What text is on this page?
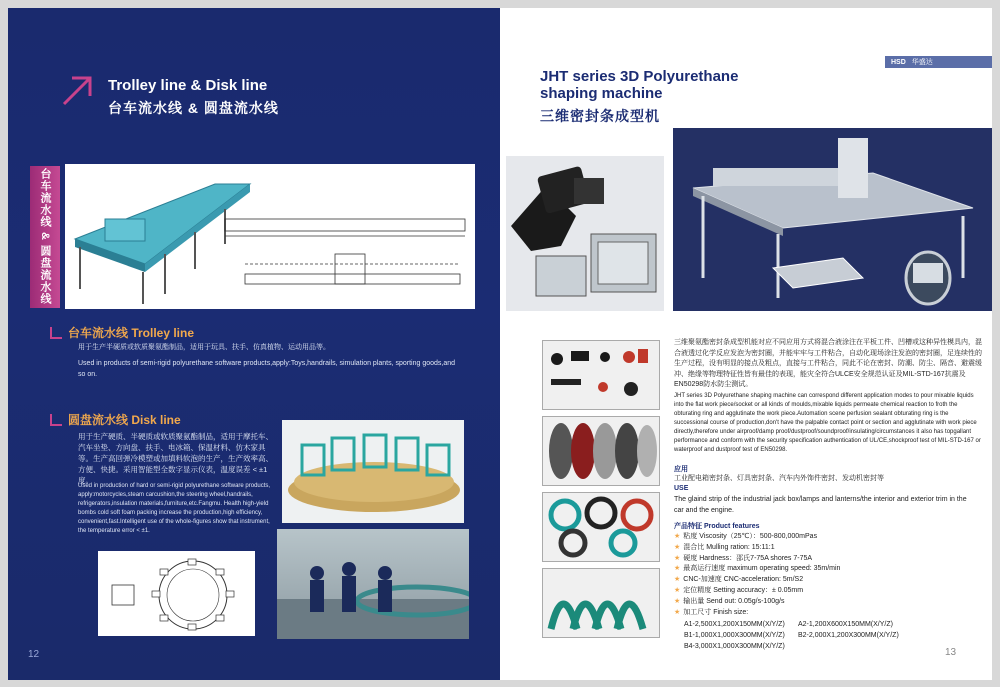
Trolley line & Disk line
台车流水线 & 圆盘流水线
台车流水线 & 圆盘流水线
台车流水线 Trolley line
用于生产半硬质或软质聚氨酯制品，适用于玩具、扶手、仿真植物、运动用品等。
Used in products of semi-rigid polyurethane software products,apply:Toys,handrails, simulation plants, sporting goods,and so on.
圆盘流水线 Disk line
用于生产硬质、半硬质或软质聚氨酯制品，适用于摩托车、汽车坐垫、方向盘、扶手、电冰箱、保温材料、仿木家具等。生产高回弹冷模塑或加填料软泡的生产，生产效率高、方便、快捷。采用智能型全数字显示仪表，温度误差 < ±1度。
Used in production of hard or semi-rigid polyurethane software products, apply:motorcycles,steam carcushion,the steering wheel,handrails, refrigerators,insulation materials,furniture,etc.Fangmu. Health high-yield bombs cold soft foam packing increase the production,high efficiency, convenient,fast.Intelligent use of the whole-figures show that instrument, the temperature error < ±1.
12
HSD 华盛达
JHT series 3D Polyurethane
shaping machine
三维密封条成型机
三维聚氨酯密封条成型机能对应不同应用方式将混合液涂注在平板工件、凹槽或这种异性模具内，混合液透过化学反应发泡为密封圈，并能牢牢与工件粘合，自动化现场涂注发泡的密封圈，足连续性的生产过程，没有明显的接点及粗点，直接与工件粘合，同此不论在密封、防潮、防尘、隔音、避震缓冲、绝缘等物理特征性皆有最佳的表现，能灾全符合ULCE安全规范认证及MIL-STD-167抗震及EN50298防水防尘测试。
JHT series 3D Polyurethane shaping machine can correspond different application modes to pour mixable liquids into the flat work piece/socket or all kinds of moulds,mixable liquids permeate chemical reaction to froth the obturating ring and agglutinate the work piece.Automation scene perfusion sealant obturating ring is the successional course of production,don't have the palpable contact point or section and agglutinate with work piece directly,therefore under airproof/damp proof/dustproof/soundproof/insulating/circumstances it also has topgallant performance and conform with the security specification authentication of UL/CE,shockproof test of MIL-STD-167 or waterproof and dustproof test of EN50298.
应用
工业配电箱密封条、灯具密封条、汽车内外饰件密封、发动机密封等
USE
The glaind strip of the industrial jack box/lamps and lanterns/the interior and exterior trim in the car and the engine.
产品特征 Product features
★ 粘度 Viscosity（25℃）：500-800,000mPas
★ 混合比 Mulling ration: 15:11:1
★ 硬度 Hardness：邵氏7-75A shores 7-75A
★ 最高运行速度 maximum operating speed: 35m/min
★ CNC-加速度 CNC-acceleration: 5m/S2
★ 定位精度 Setting accuracy：± 0.05mm
★ 输出量 Send out: 0.05g/s-100g/s
★ 加工尺寸 Finish size:
A1-2,500X1,200X150MM(X/Y/Z) A2-1,200X600X150MM(X/Y/Z)
B1-1,000X1,000X300MM(X/Y/Z) B2-2,000X1,200X300MM(X/Y/Z)
B4-3,000X1,000X300MM(X/Y/Z)
13
